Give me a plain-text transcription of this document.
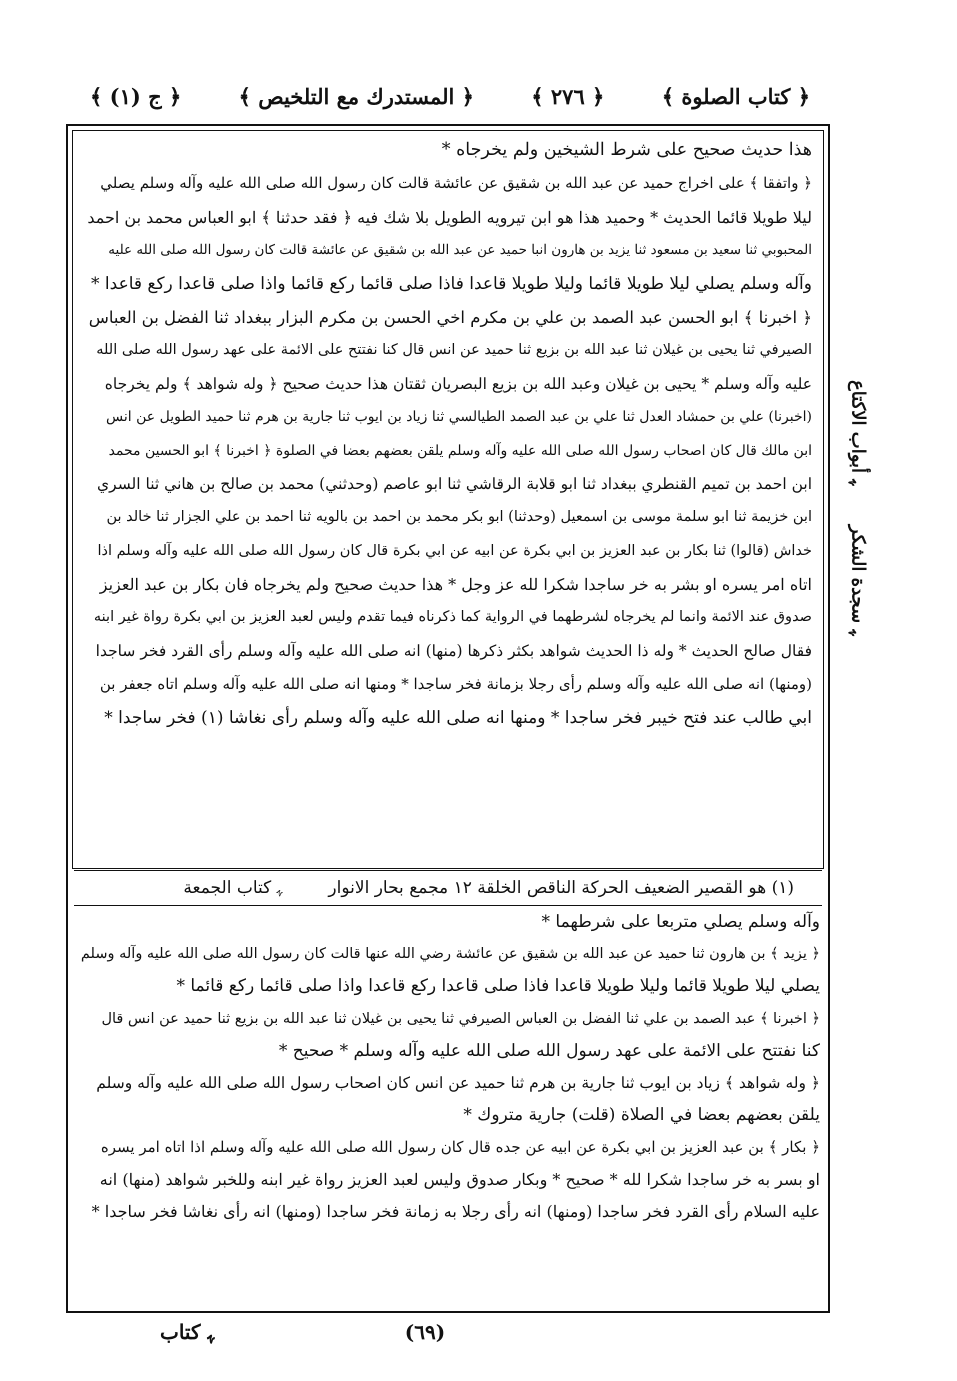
﴿ ج (١) ﴾	﴿ المستدرك مع التلخيص ﴾	﴿ ٢٧٦ ﴾	﴿ كتاب الصلوة ﴾
هذا حديث صحيح على شرط الشيخين ولم يخرجاه *
﴿ واتفقا ﴾ على اخراج حميد عن عبد الله بن شقيق عن عائشة قالت كان رسول الله صلى الله عليه وآله وسلم يصلي
ليلا طويلا قائما الحديث * وحميد هذا هو ابن تيرويه الطويل بلا شك فيه ﴿ فقد حدثنا ﴾ ابو العباس محمد بن احمد
المحبوبي ثنا سعيد بن مسعود ثنا يزيد بن هارون انبا حميد عن عبد الله بن شقيق عن عائشة قالت كان رسول الله صلى الله عليه
وآله وسلم يصلي ليلا طويلا قائما وليلا طويلا قاعدا فاذا صلى قائما ركع قائما واذا صلى قاعدا ركع قاعدا *
﴿ اخبرنا ﴾ ابو الحسن عبد الصمد بن علي بن مكرم اخي الحسن بن مكرم البزار ببغداد ثنا الفضل بن العباس
الصيرفي ثنا يحيى بن غيلان ثنا عبد الله بن بزيع ثنا حميد عن انس قال كنا نفتتح على الائمة على عهد رسول الله صلى الله
عليه وآله وسلم * يحيى بن غيلان وعبد الله بن بزيع البصريان ثقتان هذا حديث صحيح ﴿ وله شواهد ﴾ ولم يخرجاه
(اخبرنا) علي بن حمشاد العدل ثنا علي بن عبد الصمد الطيالسي ثنا زياد بن ايوب ثنا جارية بن هرم ثنا حميد الطويل عن انس
ابن مالك قال كان اصحاب رسول الله صلى الله عليه وآله وسلم يلقن بعضهم بعضا في الصلوة ﴿ اخبرنا ﴾ ابو الحسين محمد
ابن احمد بن تميم القنطري ببغداد ثنا ابو قلابة الرقاشي ثنا ابو عاصم (وحدثني) محمد بن صالح بن هاني ثنا السري
ابن خزيمة ثنا ابو سلمة موسى بن اسمعيل (وحدثنا) ابو بكر محمد بن احمد بن بالويه ثنا احمد بن علي الجزار ثنا خالد بن
خداش (قالوا) ثنا بكار بن عبد العزيز بن ابي بكرة عن ابيه عن ابي بكرة قال كان رسول الله صلى الله عليه وآله وسلم اذا
اتاه امر يسره او بشر به خر ساجدا شكرا لله عز وجل * هذا حديث صحيح ولم يخرجاه فان بكار بن عبد العزيز
صدوق عند الائمة وانما لم يخرجاه لشرطهما في الرواية كما ذكرناه فيما تقدم وليس لعبد العزيز بن ابي بكرة رواة غير ابنه
فقال صالح الحديث * وله ذا الحديث شواهد بكثر ذكرها (منها) انه صلى الله عليه وآله وسلم رأى القرد فخر ساجدا
(ومنها) انه صلى الله عليه وآله وسلم رأى رجلا بزمانة فخر ساجدا * ومنها انه صلى الله عليه وآله وسلم اتاه جعفر بن
ابي طالب عند فتح خيبر فخر ساجدا * ومنها انه صلى الله عليه وآله وسلم رأى نغاشا (١) فخر ساجدا *
(١) هو القصير الضعيف الحركة الناقص الخلقة ١٢ مجمع بحار الانوار
ﮩ كتاب الجمعة
وآله وسلم يصلي متربعا على شرطهما *
﴿ يزيد ﴾ بن هارون ثنا حميد عن عبد الله بن شقيق عن عائشة رضي الله عنها قالت كان رسول الله صلى الله عليه وآله وسلم
يصلي ليلا طويلا قائما وليلا طويلا قاعدا فاذا صلى قاعدا ركع قاعدا واذا صلى قائما ركع قائما *
﴿ اخبرنا ﴾ عبد الصمد بن علي ثنا الفضل بن العباس الصيرفي ثنا يحيى بن غيلان ثنا عبد الله بن بزيع ثنا حميد عن انس قال
كنا نفتتح على الائمة على عهد رسول الله صلى الله عليه وآله وسلم * صحيح *
﴿ وله شواهد ﴾ زياد بن ايوب ثنا جارية بن هرم ثنا حميد عن انس كان اصحاب رسول الله صلى الله عليه وآله وسلم
يلقن بعضهم بعضا في الصلاة (قلت) جارية متروك *
﴿ بكار ﴾ بن عبد العزيز بن ابي بكرة عن ابيه عن جده قال كان رسول الله صلى الله عليه وآله وسلم اذا اتاه امر يسره
او بسر به خر ساجدا شكرا لله * صحيح * وبكار صدوق وليس لعبد العزيز رواة غير ابنه وللخبر شواهد (منها) انه
عليه السلام رأى القرد فخر ساجدا (ومنها) انه رأى رجلا به زمانة فخر ساجدا (ومنها) انه رأى نغاشا فخر ساجدا *
ﮩ أبواب الاكتاع
ﮩ سجدة الشكر
(٦٩)
ﮩ كتاب
